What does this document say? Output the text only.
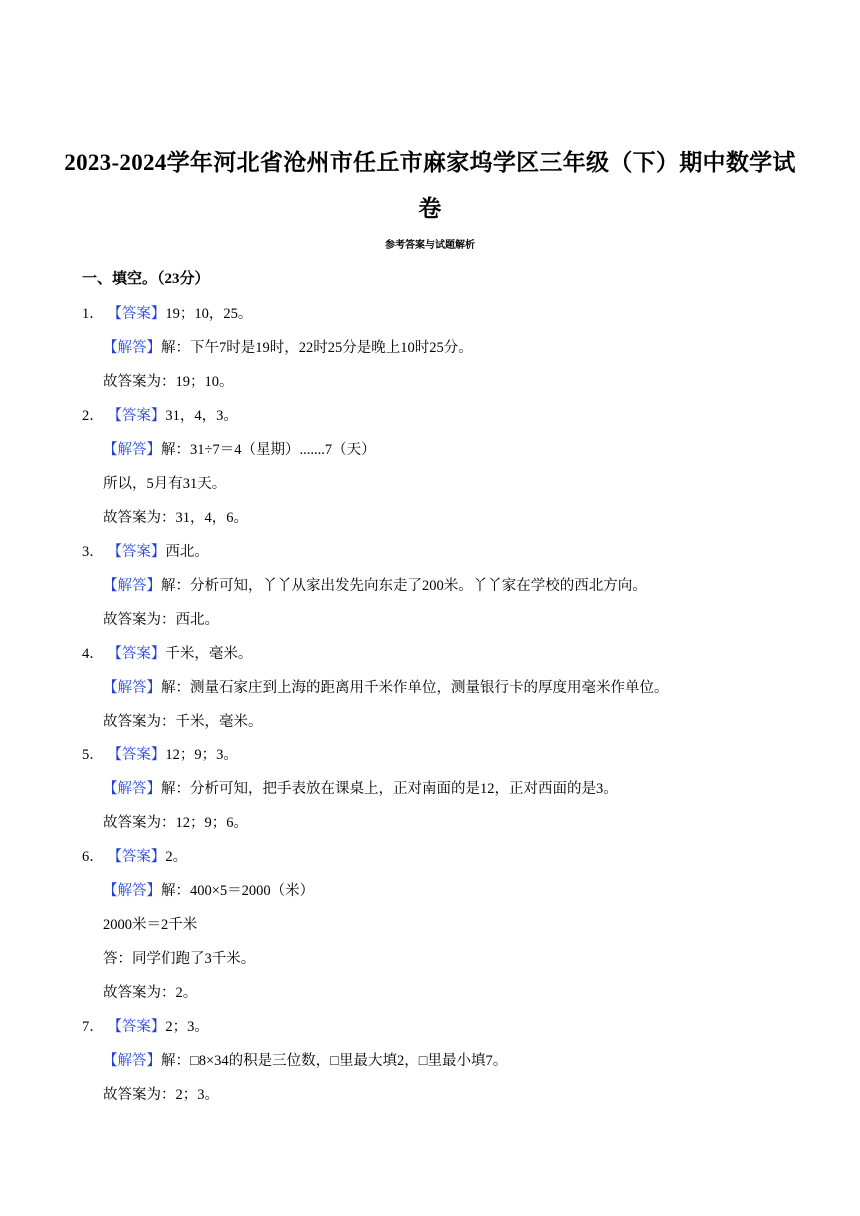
2023-2024学年河北省沧州市任丘市麻家坞学区三年级（下）期中数学试
卷
参考答案与试题解析
一、填空。（23分）
1． 【答案】19；10，25。
【解答】解：下午7时是19时，22时25分是晚上10时25分。
故答案为：19；10。
2． 【答案】31，4，3。
【解答】解：31÷7＝4（星期）.......7（天）
所以，5月有31天。
故答案为：31，4，6。
3． 【答案】西北。
【解答】解：分析可知，丫丫从家出发先向东走了200米。丫丫家在学校的西北方向。
故答案为：西北。
4． 【答案】千米，毫米。
【解答】解：测量石家庄到上海的距离用千米作单位，测量银行卡的厚度用毫米作单位。
故答案为：千米，毫米。
5． 【答案】12；9；3。
【解答】解：分析可知，把手表放在课桌上，正对南面的是12，正对西面的是3。
故答案为：12；9；6。
6． 【答案】2。
【解答】解：400×5＝2000（米）
2000米＝2千米
答：同学们跑了3千米。
故答案为：2。
7． 【答案】2；3。
【解答】解：□8×34的积是三位数，□里最大填2，□里最小填7。
故答案为：2；3。
